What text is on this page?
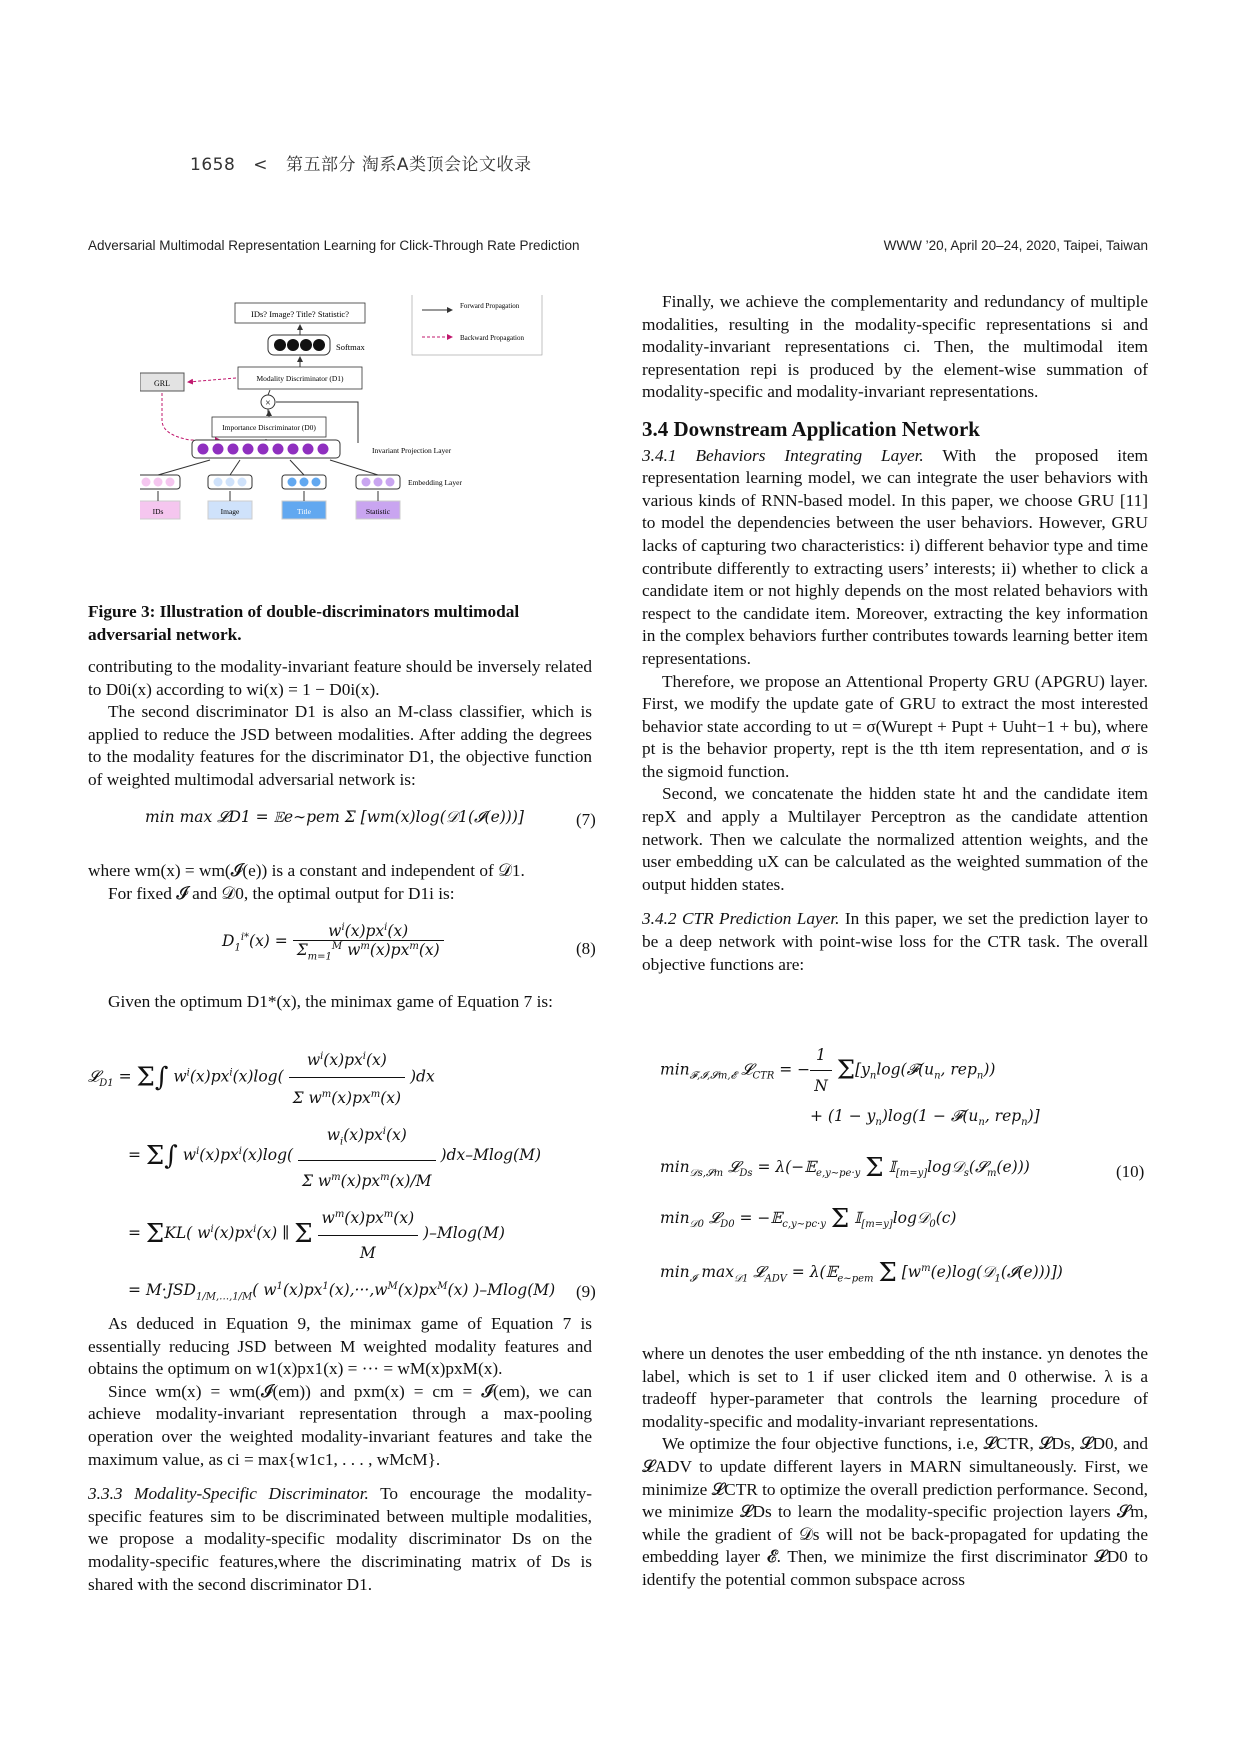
1658 < 第五部分 淘系A类顶会论文收录
Adversarial Multimodal Representation Learning for Click-Through Rate Prediction	WWW ’20, April 20–24, 2020, Taipei, Taiwan
IDs? Image? Title? Statistic?
Softmax
Modality Discriminator (D1)
GRL
×
Importance Discriminator (D0)
Invariant Projection Layer
Embedding Layer
IDs	Image	Title	Statistic
Forward Propagation
Backward Propagation
Figure 3: Illustration of double-discriminators multimodal adversarial network.

contributing to the modality-invariant feature should be inversely related to D0i(x) according to wi(x) = 1 − D0i(x).

The second discriminator D1 is also an M-class classifier, which is applied to reduce the JSD between modalities. After adding the degrees to the modality features for the discriminator D1, the objective function of weighted multimodal adversarial network is:

min max 𝓛D1 = 𝔼e∼pem Σ [wm(x)log(𝒟1(𝓘(e)))]	(7)

where wm(x) = wm(𝓘(e)) is a constant and independent of 𝒟1.

For fixed 𝓘 and 𝒟0, the optimal output for D1i is:

$D_1^{i*}(x) = \frac{w^i(x)px^i(x)}{\Sigma_{m=1}^M w^m(x)px^m(x)}$	(8)

Given the optimum D1*(x), the minimax game of Equation 7 is:

𝓛$_{D1}$ = Σ∫ $w^i(x)px^i(x)\log( \frac{w^i(x)px^i(x)}{\Sigma w^m(x)px^m(x)} )dx$
= Σ∫ $w^i(x)px^i(x)\log( \frac{w_i(x)px^i(x)}{\Sigma w^m(x)px^m(x)/M} )dx-Mlog(M)$
= ΣKL( $w^i(x)px^i(x)$ ∥ Σ $\frac{w^m(x)px^m(x)}{M} )-Mlog(M)$
= $M\cdot JSD_{1/M,\dots,1/M}$( $w^1(x)px^1(x),\cdot\cdot\cdot,w^M(x)px^M(x)$ )–Mlog(M) (9)

As deduced in Equation 9, the minimax game of Equation 7 is essentially reducing JSD between M weighted modality features and obtains the optimum on w1(x)px1(x) = ··· = wM(x)pxM(x).

Since wm(x) = wm(𝓘(em)) and pxm(x) = cm = 𝓘(em), we can achieve modality-invariant representation through a max-pooling operation over the weighted modality-invariant features and take the maximum value, as ci = max{w1c1, . . . , wMcM}.

3.3.3 Modality-Specific Discriminator. To encourage the modality-specific features sim to be discriminated between multiple modalities, we propose a modality-specific modality discriminator Ds on the modality-specific features,where the discriminating matrix of Ds is shared with the second discriminator D1.

Finally, we achieve the complementarity and redundancy of multiple modalities, resulting in the modality-specific representations si and modality-invariant representations ci. Then, the multimodal item representation repi is produced by the element-wise summation of modality-specific and modality-invariant representations.

3.4 Downstream Application Network

3.4.1 Behaviors Integrating Layer. With the proposed item representation learning model, we can integrate the user behaviors with various kinds of RNN-based model. In this paper, we choose GRU [11] to model the dependencies between the user behaviors. However, GRU lacks of capturing two characteristics: i) different behavior type and time contribute differently to extracting users’ interests; ii) whether to click a candidate item or not highly depends on the most related behaviors with respect to the candidate item. Moreover, extracting the key information in the complex behaviors further contributes towards learning better item representations.

Therefore, we propose an Attentional Property GRU (APGRU) layer. First, we modify the update gate of GRU to extract the most interested behavior state according to ut = σ(Wurept + Pupt + Uuht−1 + bu), where pt is the behavior property, rept is the tth item representation, and σ is the sigmoid function.

Second, we concatenate the hidden state ht and the candidate item repX and apply a Multilayer Perceptron as the candidate attention network. Then we calculate the normalized attention weights, and the user embedding uX can be calculated as the weighted summation of the output hidden states.

3.4.2 CTR Prediction Layer. In this paper, we set the prediction layer to be a deep network with point-wise loss for the CTR task. The overall objective functions are:

$\min_{𝓕,𝓘,𝓢m,𝓔}$ 𝓛$_{CTR}$ = − $\frac{1}{N}$ $\Sigma[y_n\log(𝓕(u_n$, rep$_n$))
+ $(1 - y_n)\log(1$ − $𝓕(u_n$, rep$_n$)]
$\min_{𝒟s,𝓢m}$ 𝓛$_{Ds}$ = λ(−𝔼$_{e,y\sim pe\cdot y}$ Σ 𝕀$_{[m=y]}$log𝒟$_s$(𝓢$_m$(e)))
$\min_{𝒟0}$ 𝓛$_{D0}$ = −𝔼$_{c,y\sim pc\cdot y}$ Σ 𝕀$_{[m=y]}$log𝒟$_0$(c)
$\min_𝓘 \max_{𝒟1}$ 𝓛$_{ADV}$ = λ(𝔼$_{e\sim pem}$ Σ $[w^m(e)\log(𝒟_1(𝓘(e)))]$)
(10)

where un denotes the user embedding of the nth instance. yn denotes the label, which is set to 1 if user clicked item and 0 otherwise. λ is a tradeoff hyper-parameter that controls the learning procedure of modality-specific and modality-invariant representations.

We optimize the four objective functions, i.e, 𝓛CTR, 𝓛Ds, 𝓛D0, and 𝓛ADV to update different layers in MARN simultaneously. First, we minimize 𝓛CTR to optimize the overall prediction performance. Second, we minimize 𝓛Ds to learn the modality-specific projection layers 𝓢m, while the gradient of 𝒟s will not be back-propagated for updating the embedding layer 𝓔. Then, we minimize the first discriminator 𝓛D0 to identify the potential common subspace across
